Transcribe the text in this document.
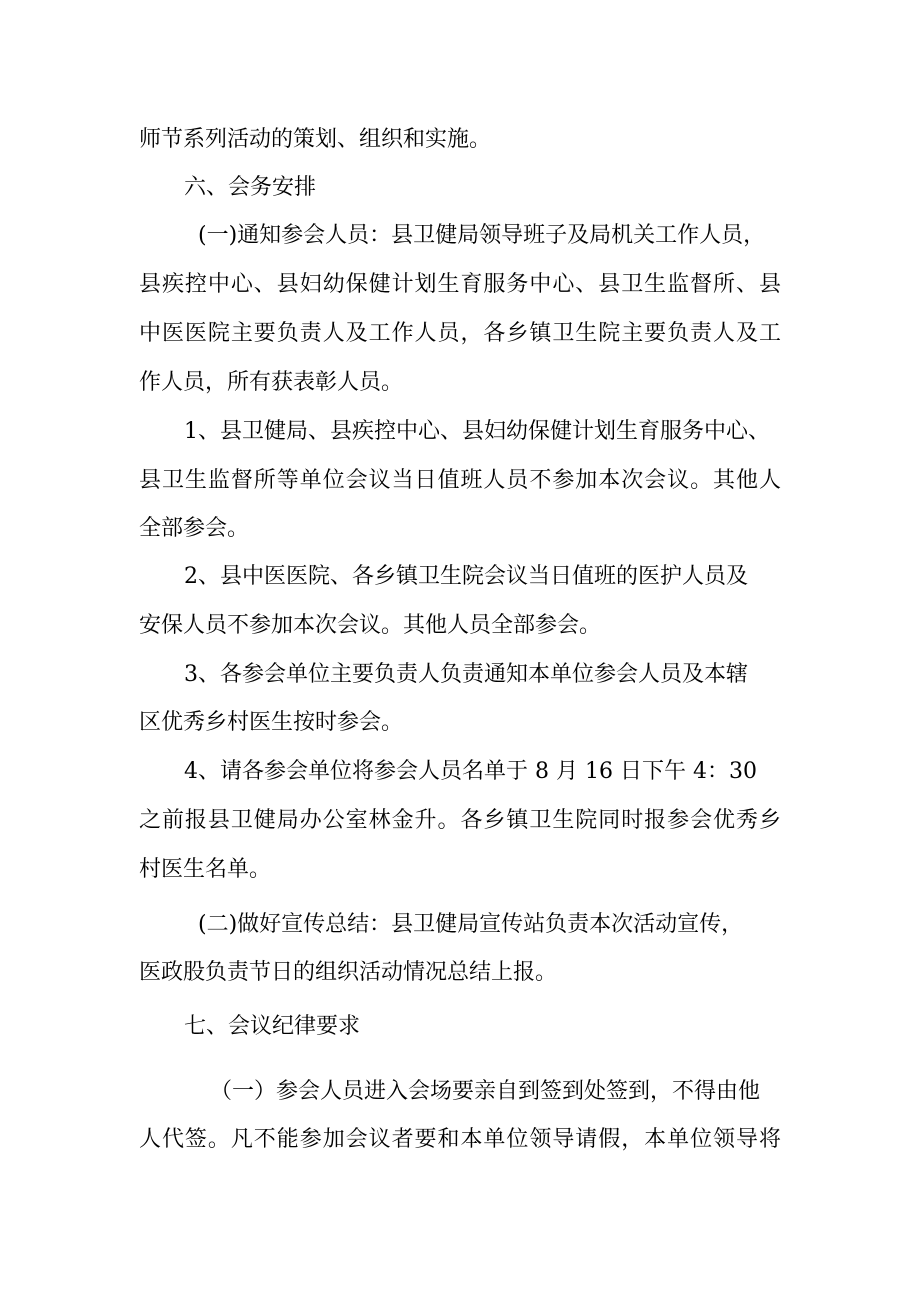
师节系列活动的策划、组织和实施。
六、会务安排
(一)通知参会人员：县卫健局领导班子及局机关工作人员，
县疾控中心、县妇幼保健计划生育服务中心、县卫生监督所、县
中医医院主要负责人及工作人员，各乡镇卫生院主要负责人及工
作人员，所有获表彰人员。
1、县卫健局、县疾控中心、县妇幼保健计划生育服务中心、
县卫生监督所等单位会议当日值班人员不参加本次会议。其他人
全部参会。
2、县中医医院、各乡镇卫生院会议当日值班的医护人员及
安保人员不参加本次会议。其他人员全部参会。
3、各参会单位主要负责人负责通知本单位参会人员及本辖
区优秀乡村医生按时参会。
4、请各参会单位将参会人员名单于 8 月 16 日下午 4：30
之前报县卫健局办公室林金升。各乡镇卫生院同时报参会优秀乡
村医生名单。
(二)做好宣传总结：县卫健局宣传站负责本次活动宣传，
医政股负责节日的组织活动情况总结上报。
七、会议纪律要求
（一）参会人员进入会场要亲自到签到处签到，不得由他
人代签。凡不能参加会议者要和本单位领导请假，本单位领导将
